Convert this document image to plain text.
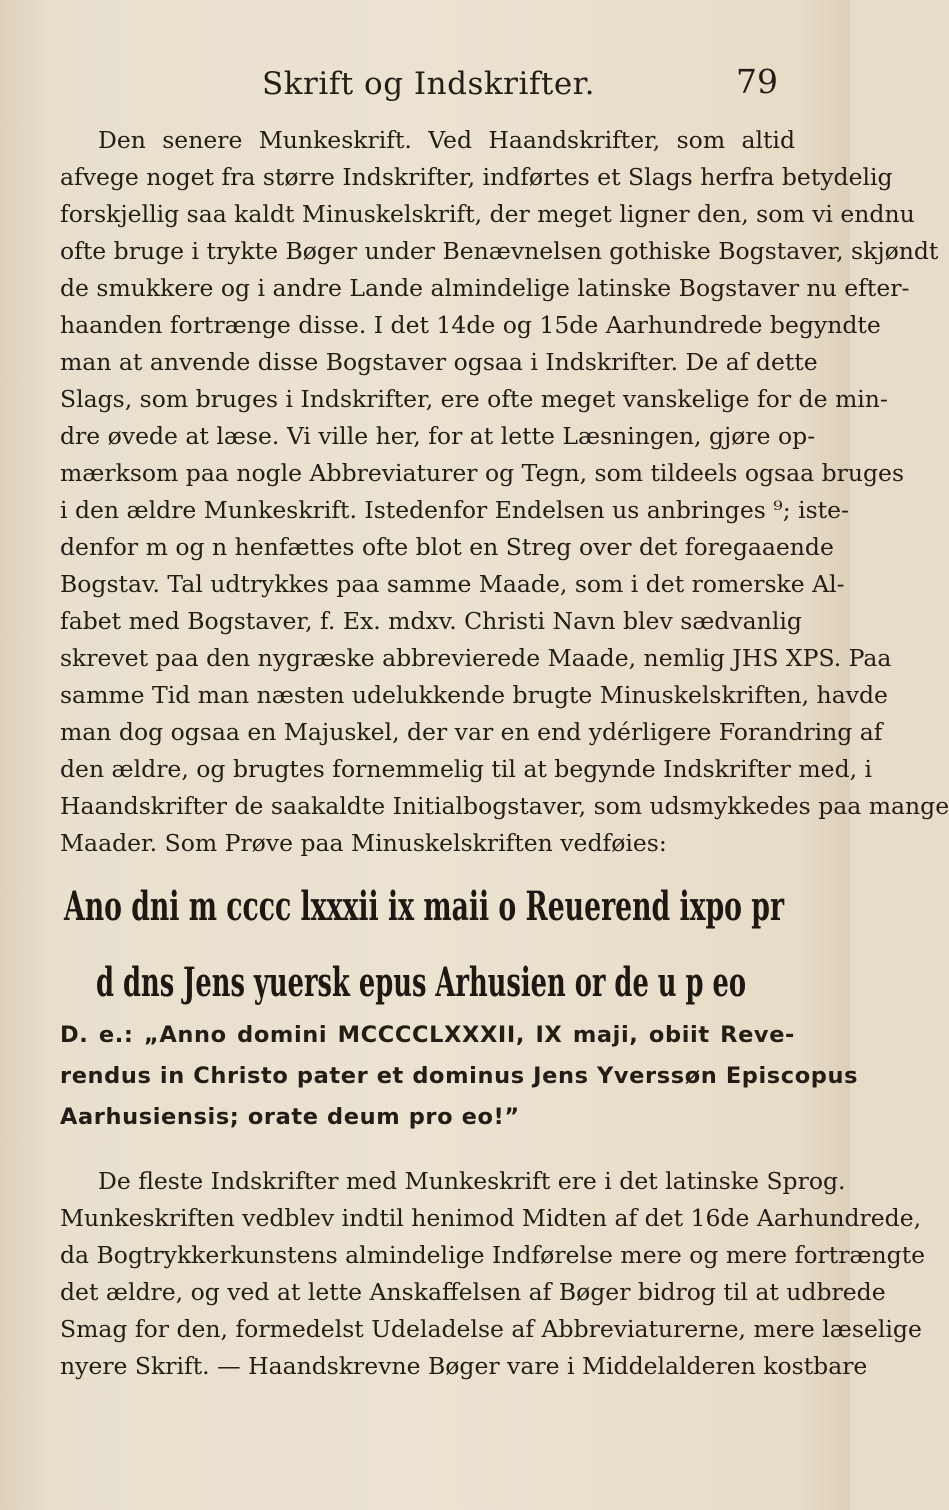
Skrift og Indskrifter.	79
Den senere Munkeskrift. Ved Haandskrifter, som altid
afvege noget fra større Indskrifter, indførtes et Slags herfra betydelig
forskjellig saa kaldt Minuskelskrift, der meget ligner den, som vi endnu
ofte bruge i trykte Bøger under Benævnelsen gothiske Bogstaver, skjøndt
de smukkere og i andre Lande almindelige latinske Bogstaver nu efter-
haanden fortrænge disse. I det 14de og 15de Aarhundrede begyndte
man at anvende disse Bogstaver ogsaa i Indskrifter. De af dette
Slags, som bruges i Indskrifter, ere ofte meget vanskelige for de min-
dre øvede at læse. Vi ville her, for at lette Læsningen, gjøre op-
mærksom paa nogle Abbreviaturer og Tegn, som tildeels ogsaa bruges
i den ældre Munkeskrift. Istedenfor Endelsen us anbringes ⁹; iste-
denfor m og n henfættes ofte blot en Streg over det foregaaende
Bogstav. Tal udtrykkes paa samme Maade, som i det romerske Al-
fabet med Bogstaver, f. Ex. mdxv. Christi Navn blev sædvanlig
skrevet paa den nygræske abbrevierede Maade, nemlig JHS XPS. Paa
samme Tid man næsten udelukkende brugte Minuskelskriften, havde
man dog ogsaa en Majuskel, der var en end ydérligere Forandring af
den ældre, og brugtes fornemmelig til at begynde Indskrifter med, i
Haandskrifter de saakaldte Initialbogstaver, som udsmykkedes paa mange
Maader. Som Prøve paa Minuskelskriften vedføies:
Ano dni m cccc lxxxii ix maii o Reuerend ixpo pr
d dns Jens yuersk epus Arhusien or de u p eo
D. e.: „Anno domini MCCCCLXXXII, IX maji, obiit Reve-
rendus in Christo pater et dominus Jens Yverssøn Episcopus
Aarhusiensis; orate deum pro eo!”
De fleste Indskrifter med Munkeskrift ere i det latinske Sprog.
Munkeskriften vedblev indtil henimod Midten af det 16de Aarhundrede,
da Bogtrykkerkunstens almindelige Indførelse mere og mere fortrængte
det ældre, og ved at lette Anskaffelsen af Bøger bidrog til at udbrede
Smag for den, formedelst Udeladelse af Abbreviaturerne, mere læselige
nyere Skrift. — Haandskrevne Bøger vare i Middelalderen kostbare
